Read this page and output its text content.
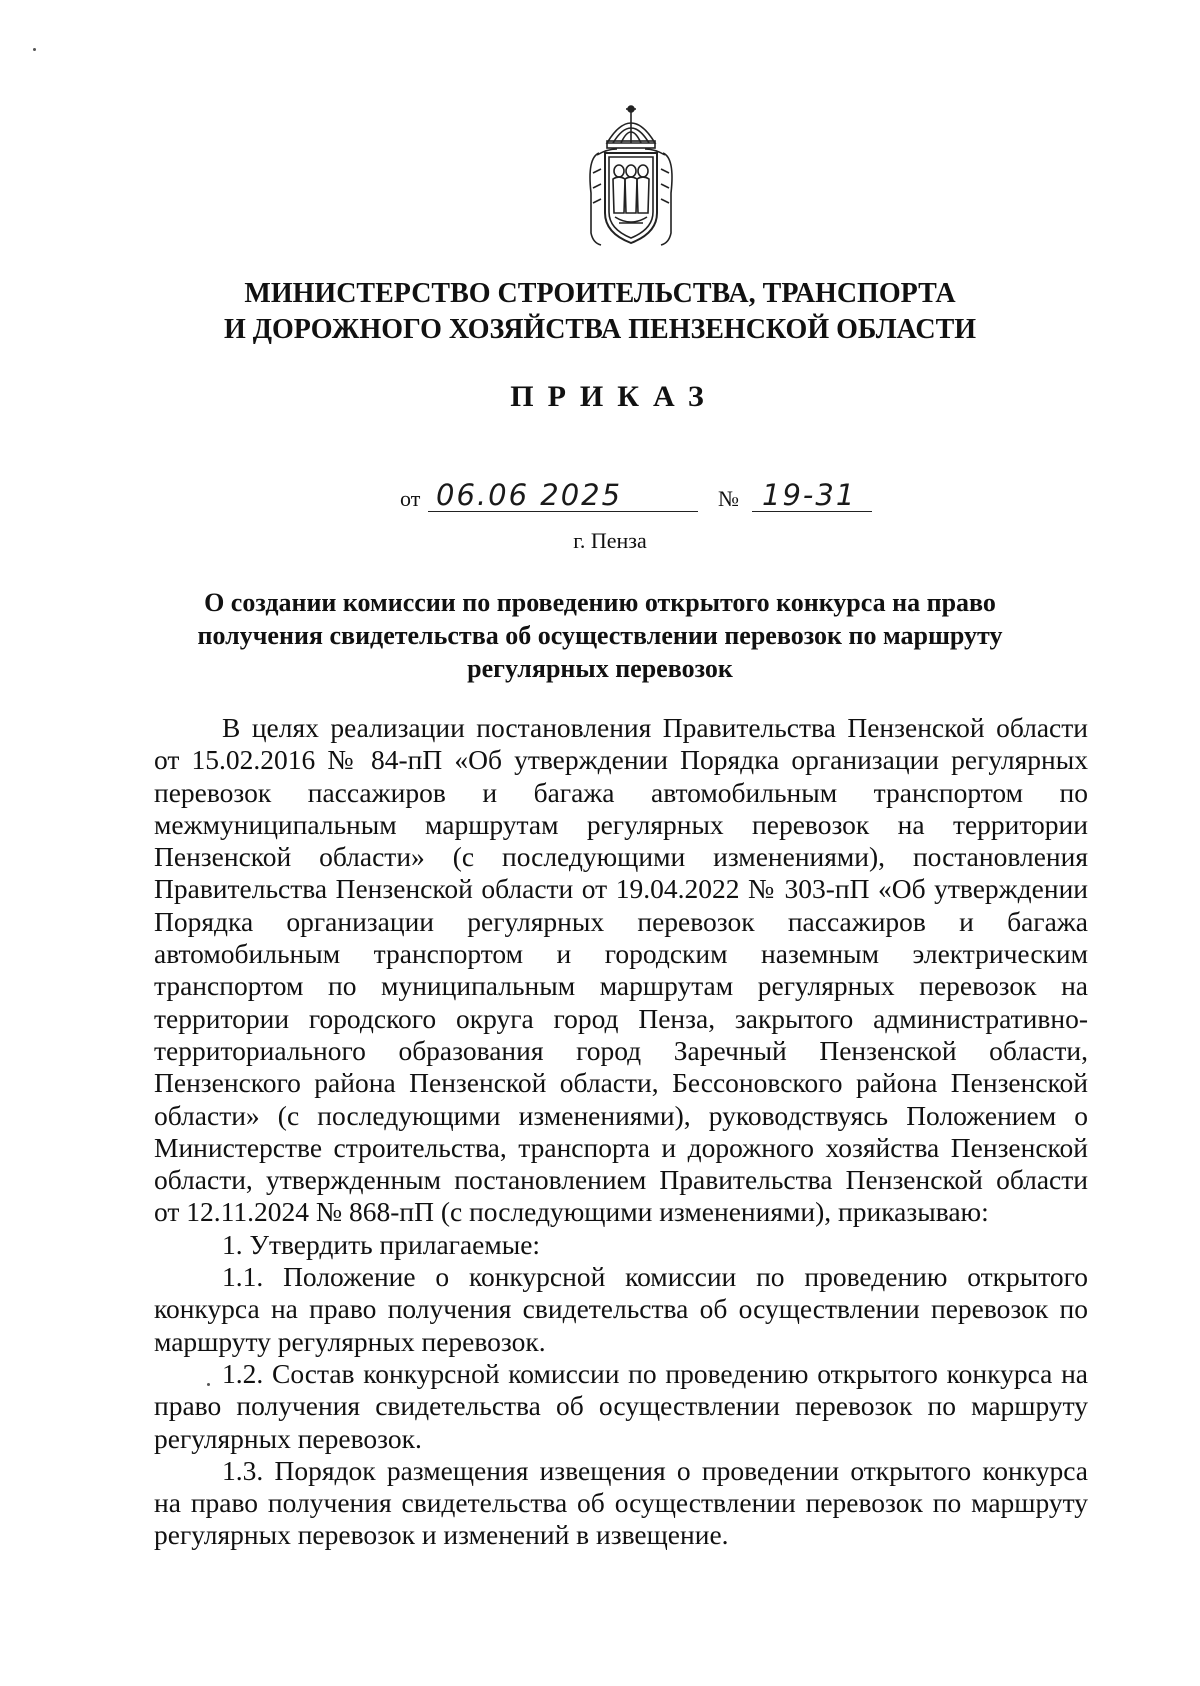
МИНИСТЕРСТВО СТРОИТЕЛЬСТВА, ТРАНСПОРТА
И ДОРОЖНОГО ХОЗЯЙСТВА ПЕНЗЕНСКОЙ ОБЛАСТИ
ПРИКАЗ
от 06.06 2025	№ 19-31
г. Пенза
О создании комиссии по проведению открытого конкурса на право получения свидетельства об осуществлении перевозок по маршруту регулярных перевозок

В целях реализации постановления Правительства Пензенской области от 15.02.2016 № 84-пП «Об утверждении Порядка организации регулярных перевозок пассажиров и багажа автомобильным транспортом по межмуниципальным маршрутам регулярных перевозок на территории Пензенской области» (с последующими изменениями), постановления Правительства Пензенской области от 19.04.2022 № 303-пП «Об утверждении Порядка организации регулярных перевозок пассажиров и багажа автомобильным транспортом и городским наземным электрическим транспортом по муниципальным маршрутам регулярных перевозок на территории городского округа город Пенза, закрытого административно-территориального образования город Заречный Пензенской области, Пензенского района Пензенской области, Бессоновского района Пензенской области» (с последующими изменениями), руководствуясь Положением о Министерстве строительства, транспорта и дорожного хозяйства Пензенской области, утвержденным постановлением Правительства Пензенской области от 12.11.2024 № 868-пП (с последующими изменениями), приказываю:

1. Утвердить прилагаемые:

1.1. Положение о конкурсной комиссии по проведению открытого конкурса на право получения свидетельства об осуществлении перевозок по маршруту регулярных перевозок.

1.2. Состав конкурсной комиссии по проведению открытого конкурса на право получения свидетельства об осуществлении перевозок по маршруту регулярных перевозок.

1.3. Порядок размещения извещения о проведении открытого конкурса на право получения свидетельства об осуществлении перевозок по маршруту регулярных перевозок и изменений в извещение.
